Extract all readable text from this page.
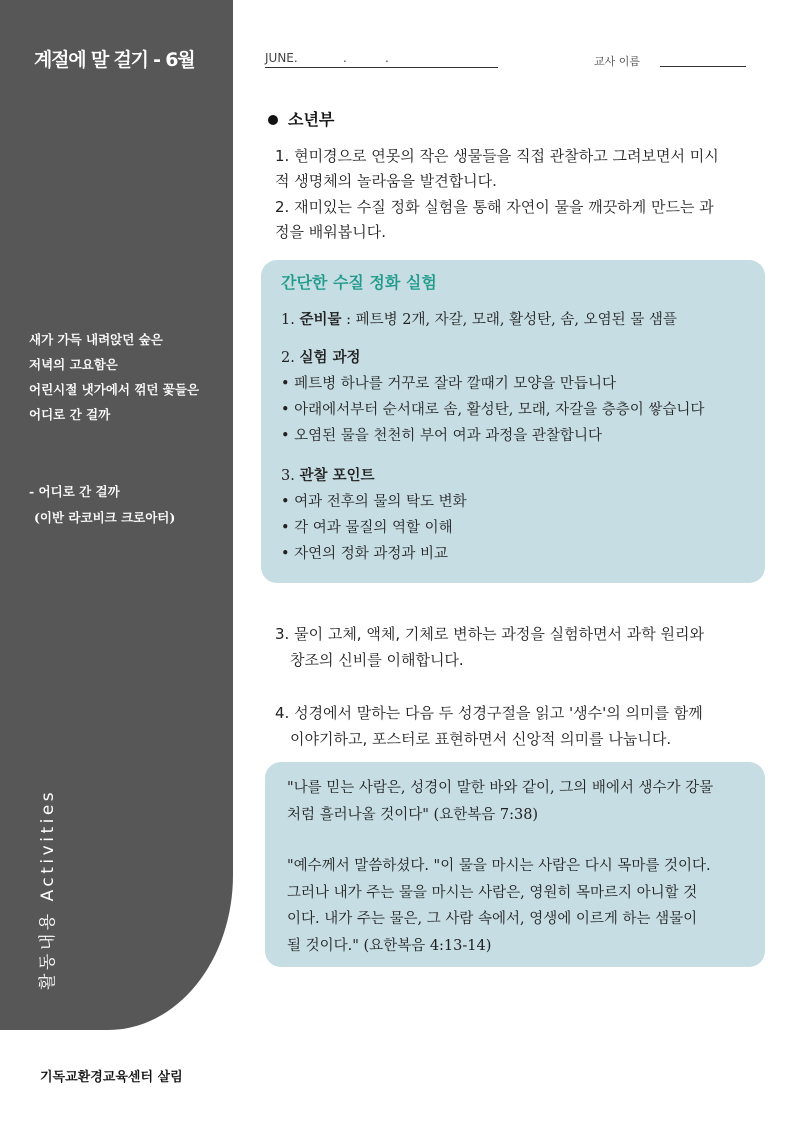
계절에 말 걸기 - 6월
새가 가득 내려앉던 숲은
저녁의 고요함은
어린시절 냇가에서 꺾던 꽃들은
어디로 간 걸까
- 어디로 간 걸까
(이반 라코비크 크로아터)
활동내용 Activities
JUNE.	.	.	교사 이름
소년부
1. 현미경으로 연못의 작은 생물들을 직접 관찰하고 그려보면서 미시
적 생명체의 놀라움을 발견합니다.
2. 재미있는 수질 정화 실험을 통해 자연이 물을 깨끗하게 만드는 과
정을 배워봅니다.
간단한 수질 정화 실험
1. 준비물 : 페트병 2개, 자갈, 모래, 활성탄, 솜, 오염된 물 샘플
2. 실험 과정
• 페트병 하나를 거꾸로 잘라 깔때기 모양을 만듭니다
• 아래에서부터 순서대로 솜, 활성탄, 모래, 자갈을 층층이 쌓습니다
• 오염된 물을 천천히 부어 여과 과정을 관찰합니다
3. 관찰 포인트
• 여과 전후의 물의 탁도 변화
• 각 여과 물질의 역할 이해
• 자연의 정화 과정과 비교
3. 물이 고체, 액체, 기체로 변하는 과정을 실험하면서 과학 원리와
창조의 신비를 이해합니다.
4. 성경에서 말하는 다음 두 성경구절을 읽고 '생수'의 의미를 함께
이야기하고, 포스터로 표현하면서 신앙적 의미를 나눕니다.
"나를 믿는 사람은, 성경이 말한 바와 같이, 그의 배에서 생수가 강물
처럼 흘러나올 것이다" (요한복음 7:38)
"예수께서 말씀하셨다. "이 물을 마시는 사람은 다시 목마를 것이다.
그러나 내가 주는 물을 마시는 사람은, 영원히 목마르지 아니할 것
이다. 내가 주는 물은, 그 사람 속에서, 영생에 이르게 하는 샘물이
될 것이다." (요한복음 4:13-14)
기독교환경교육센터 살림
